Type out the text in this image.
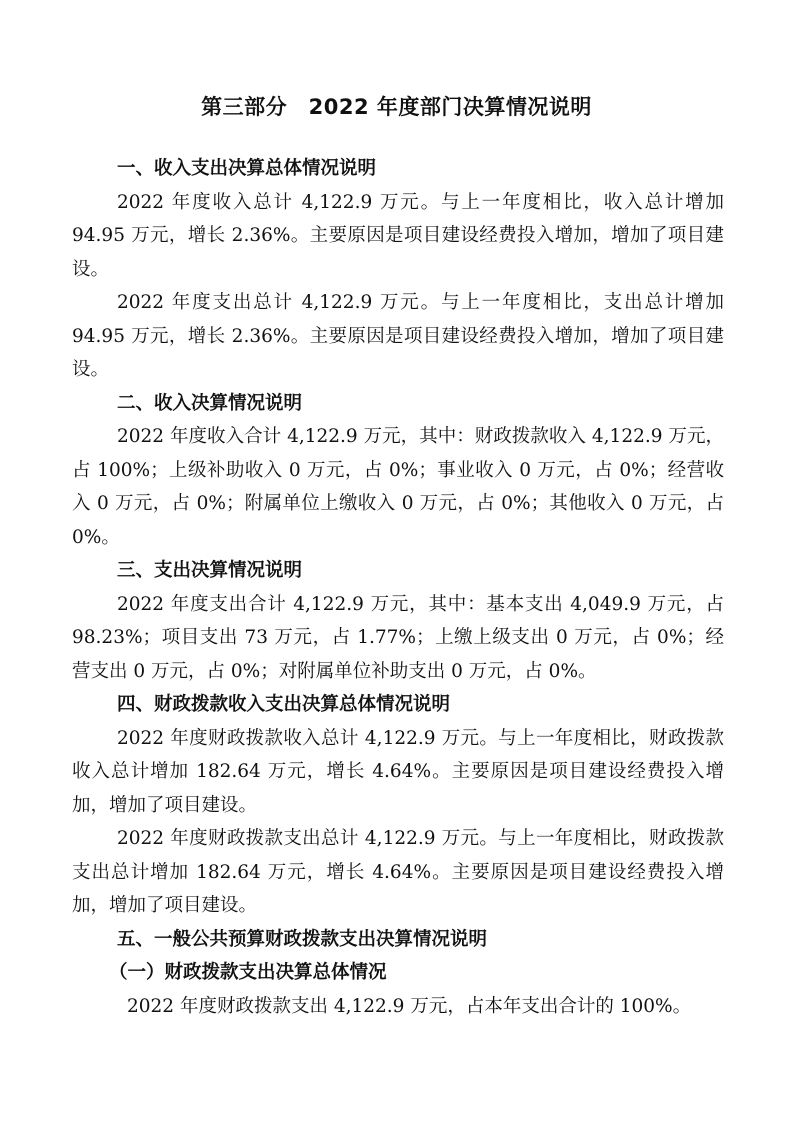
第三部分　2022 年度部门决算情况说明

一、收入支出决算总体情况说明

2022 年度收入总计 4,122.9 万元。与上一年度相比，收入总计增加 94.95 万元，增长 2.36%。主要原因是项目建设经费投入增加，增加了项目建设。

2022 年度支出总计 4,122.9 万元。与上一年度相比，支出总计增加 94.95 万元，增长 2.36%。主要原因是项目建设经费投入增加，增加了项目建设。

二、收入决算情况说明

2022 年度收入合计 4,122.9 万元，其中：财政拨款收入 4,122.9 万元，占 100%；上级补助收入 0 万元，占 0%；事业收入 0 万元，占 0%；经营收入 0 万元，占 0%；附属单位上缴收入 0 万元，占 0%；其他收入 0 万元，占 0%。

三、支出决算情况说明

2022 年度支出合计 4,122.9 万元，其中：基本支出 4,049.9 万元，占 98.23%；项目支出 73 万元，占 1.77%；上缴上级支出 0 万元，占 0%；经营支出 0 万元，占 0%；对附属单位补助支出 0 万元，占 0%。

四、财政拨款收入支出决算总体情况说明

2022 年度财政拨款收入总计 4,122.9 万元。与上一年度相比，财政拨款收入总计增加 182.64 万元，增长 4.64%。主要原因是项目建设经费投入增加，增加了项目建设。

2022 年度财政拨款支出总计 4,122.9 万元。与上一年度相比，财政拨款支出总计增加 182.64 万元，增长 4.64%。主要原因是项目建设经费投入增加，增加了项目建设。

五、一般公共预算财政拨款支出决算情况说明

（一）财政拨款支出决算总体情况

2022 年度财政拨款支出 4,122.9 万元，占本年支出合计的 100%。
